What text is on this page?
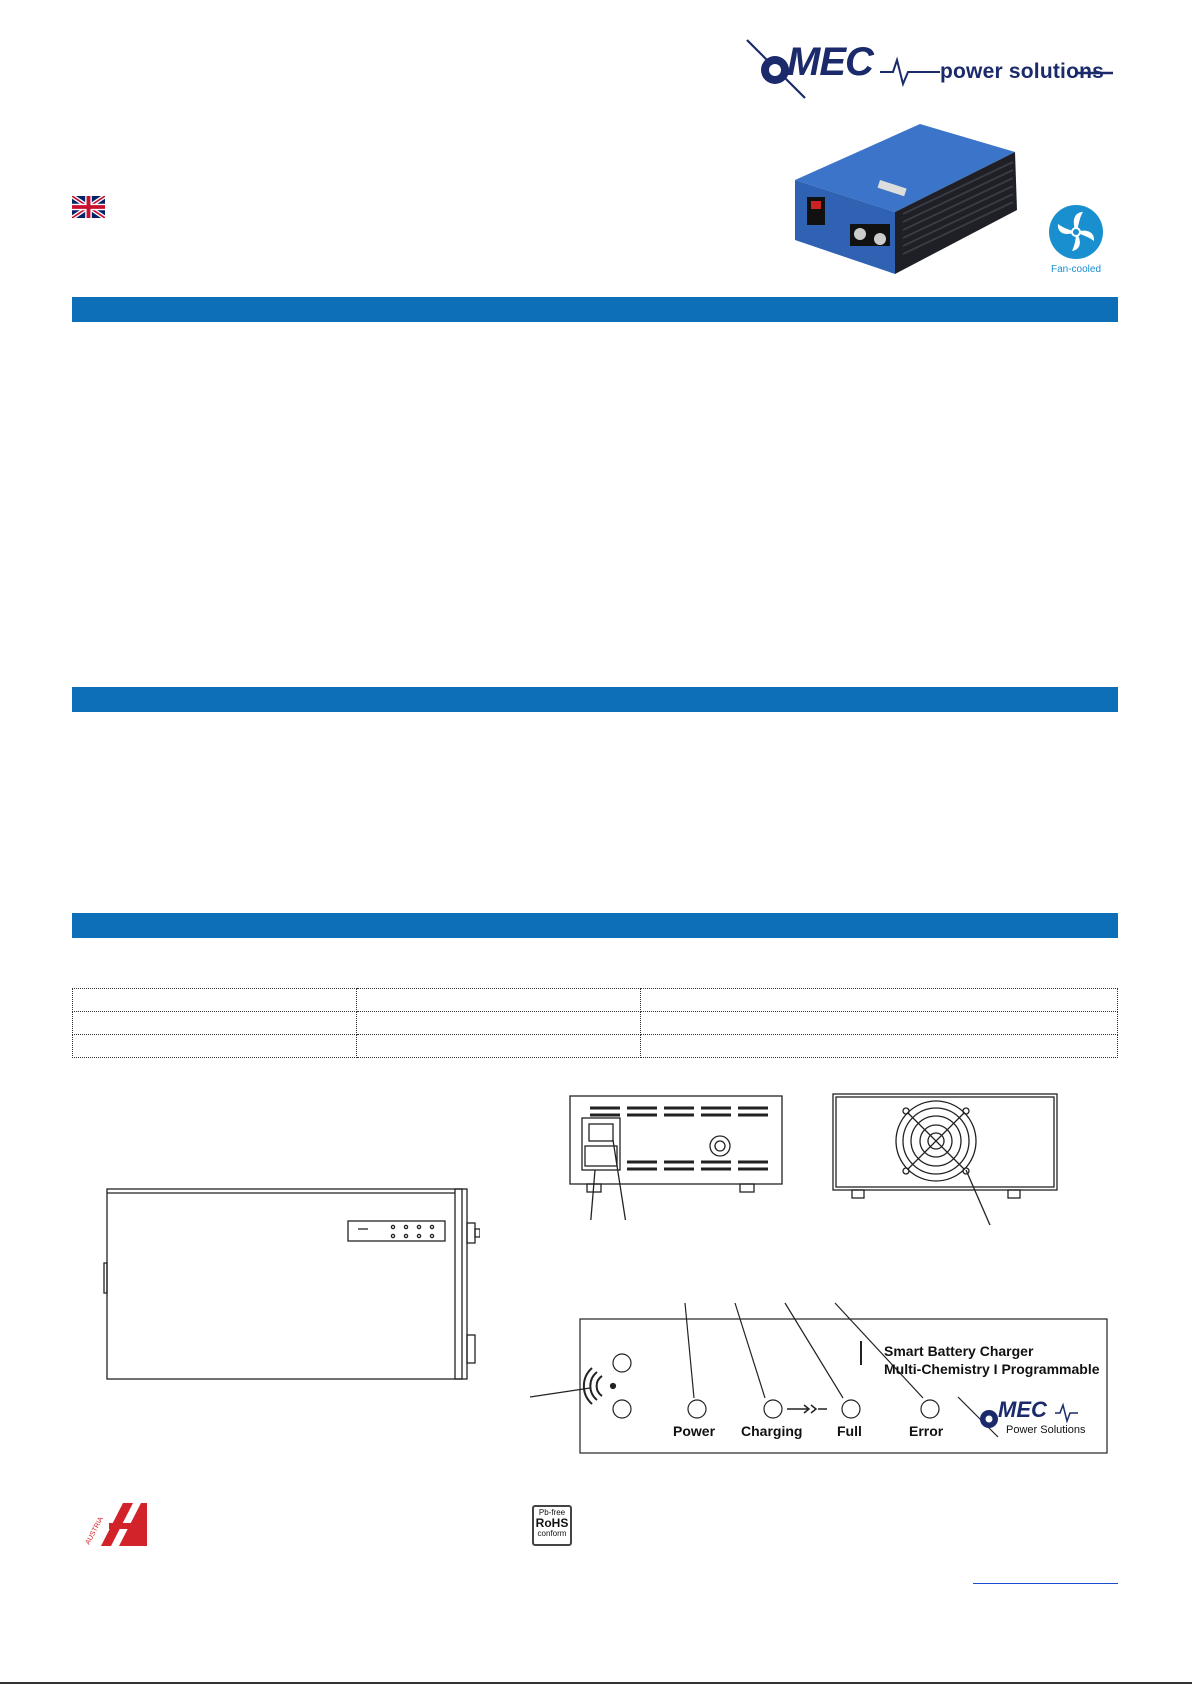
MEC	power solutions
Fan-cooled

Smart Battery Charger
Multi-Chemistry I Programmable
Power Charging Full	Error
MEC
Power Solutions
AUSTRIA
Pb-free
RoHS
conform
